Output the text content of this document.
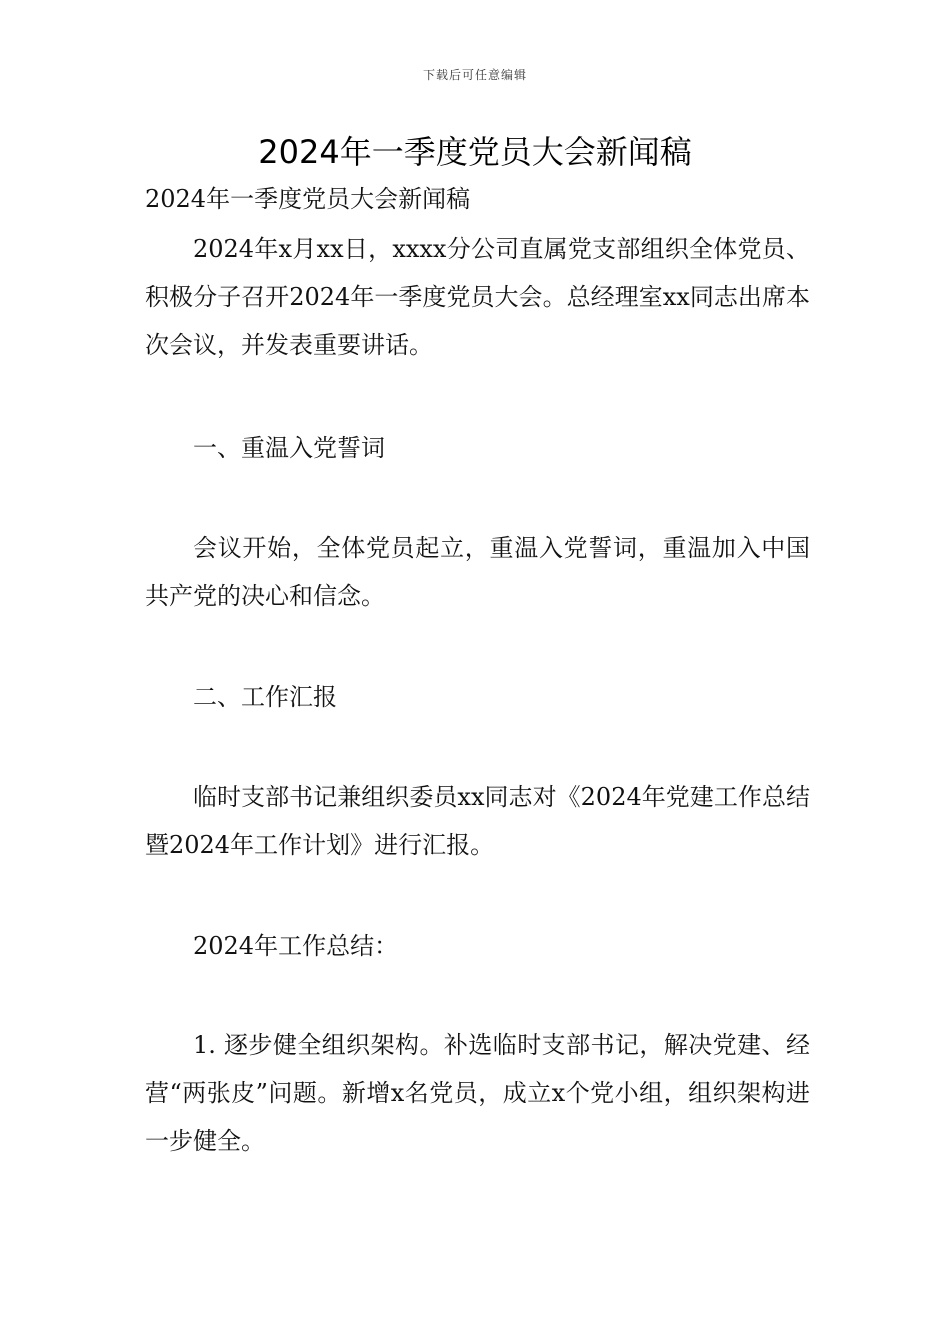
下载后可任意编辑
2024年一季度党员大会新闻稿

2024年一季度党员大会新闻稿

2024年x月xx日，xxxx分公司直属党支部组织全体党员、积极分子召开2024年一季度党员大会。总经理室xx同志出席本次会议，并发表重要讲话。

一、重温入党誓词

会议开始，全体党员起立，重温入党誓词，重温加入中国共产党的决心和信念。

二、工作汇报

临时支部书记兼组织委员xx同志对《2024年党建工作总结暨2024年工作计划》进行汇报。

2024年工作总结：

1. 逐步健全组织架构。补选临时支部书记，解决党建、经营“两张皮”问题。新增x名党员，成立x个党小组，组织架构进一步健全。
